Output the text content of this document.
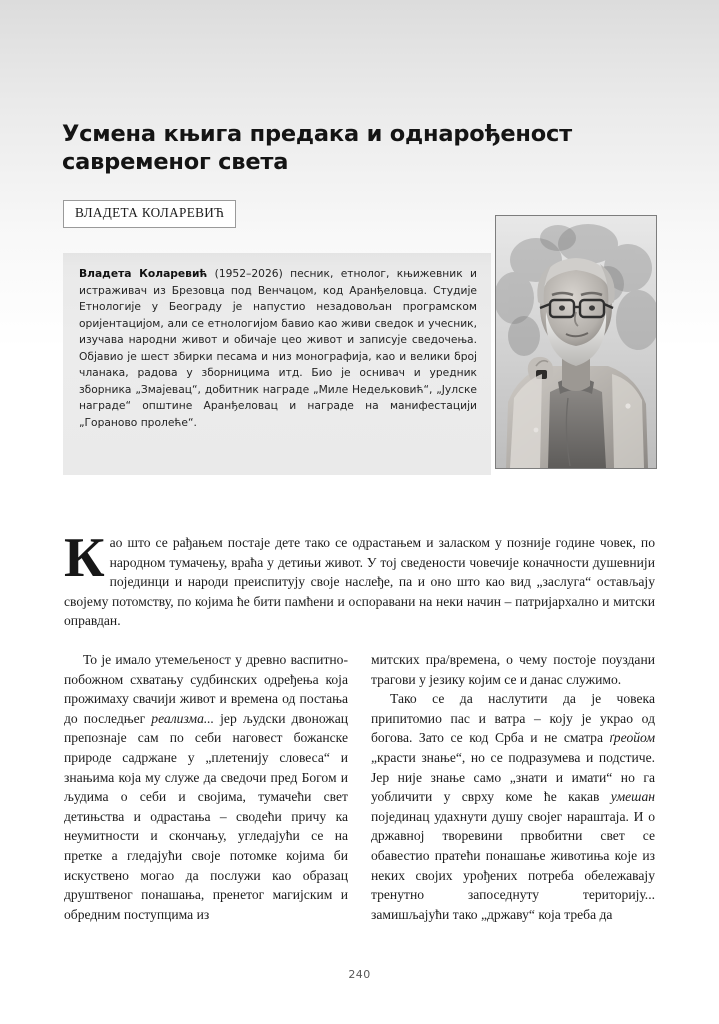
Усмена књига предака и однарођеност савременог света
ВЛАДЕТА КОЛАРЕВИЋ

Владета Коларевић (1952–2026) песник, етнолог, књижевник и истраживач из Брезовца под Венчацом, код Аранђеловца. Студије Етнологије у Београду је напустио незадовољан програмском оријентацијом, али се етнологијом бавио као живи сведок и учесник, изучава народни живот и обичаје цео живот и записује сведочења. Објавио је шест збирки песама и низ монографија, као и велики број чланака, радова у зборницима итд. Био је оснивач и уредник зборника „Змајевац“, добитник награде „Миле Недељковић“, „Јулске награде“ општине Аранђеловац и награде на манифестацији „Гораново пролеће“.

Као што се рађањем постаје дете тако се одрастањем и заласком у познијe године човек, по народном тумачењу, враћа у детињи живот. У тој сведености човечије коначности душевнији појединци и народи преиспитују своје наслеђе, па и оно што као вид „заслуга“ остављају својему потомству, по којима ће бити памћени и оспоравани на неки начин – патријархално и митски оправдан.

То је имало утемељеност у древно васпитно-побожном схватању судбинских одређења која прожимаху свачији живот и времена од постања до последњег реализма... јер људски двоножац препознаје сам по себи наговест божанске природе садржане у „плетенију словеса“ и знањима која му служе да сведочи пред Богом и људима о себи и својима, тумачећи свет детињства и одрастања – сводећи причу ка неумитности и скончању, угледајући се на претке а гледајући своје потомке којима би искуствено могао да послужи као образац друштвеног понашања, пренетог магијским и обредним поступцима из

митских пра/времена, о чему постоје поуздани трагови у језику којим се и данас служимо.

Тако се да наслутити да је човека припитомио пас и ватра – коју је украо од богова. Зато се код Срба и не сматра ґреойом „красти знање“, но се подразумева и подстиче. Јер није знање само „знати и имати“ но га уобличити у сврху коме ће какав умешан појединац удахнути душу својег нараштаја. И о државној творевини првобитни свет се обавестио пратећи понашање животиња које из неких својих урођених потреба обележавају тренутно запоседнуту територију... замишљајући тако „државу“ која треба да

240
